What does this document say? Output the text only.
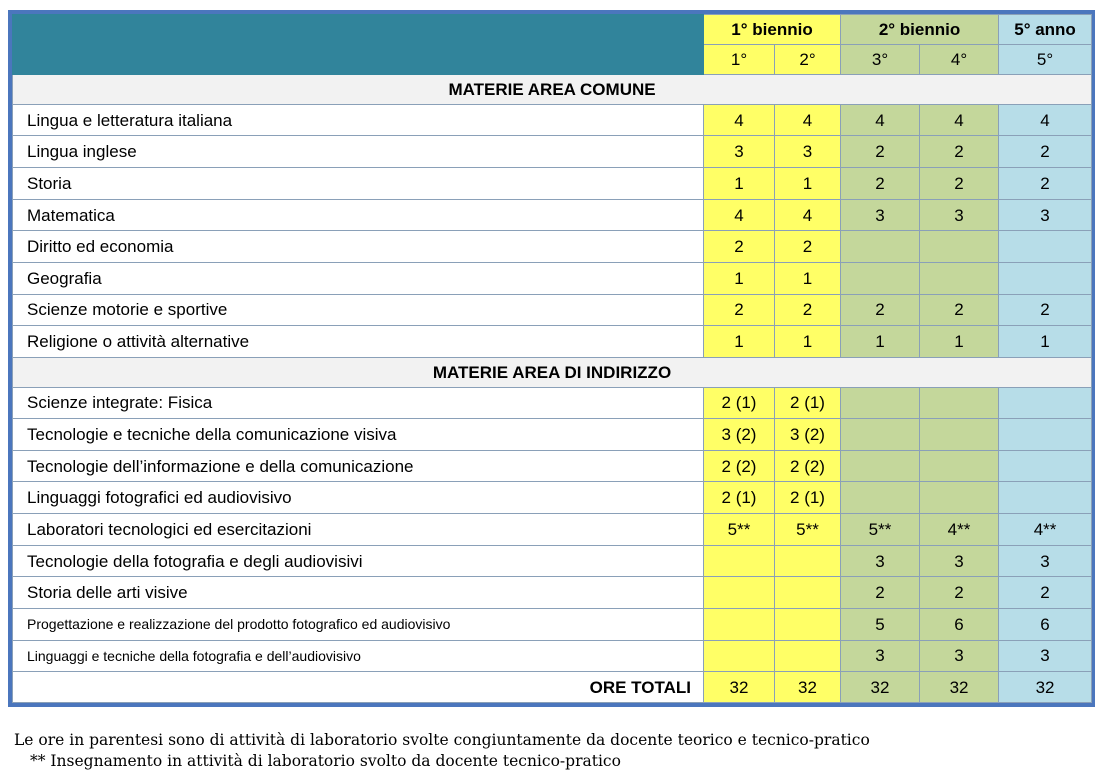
	1° biennio		2° biennio		5° anno
	1°	2°	3°	4°	5°
MATERIE AREA COMUNE					
Lingua e letteratura italiana	4	4	4	4	4
Lingua inglese	3	3	2	2	2
Storia	1	1	2	2	2
Matematica	4	4	3	3	3
Diritto ed economia	2	2			
Geografia	1	1			
Scienze motorie e sportive	2	2	2	2	2
Religione o attività alternative	1	1	1	1	1
MATERIE AREA DI INDIRIZZO					
Scienze integrate: Fisica	2 (1)	2 (1)			
Tecnologie e tecniche della comunicazione visiva	3 (2)	3 (2)			
Tecnologie dell’informazione e della comunicazione	2 (2)	2 (2)			
Linguaggi fotografici ed audiovisivo	2 (1)	2 (1)			
Laboratori tecnologici ed esercitazioni	5**	5**	5**	4**	4**
Tecnologie della fotografia e degli audiovisivi			3	3	3
Storia delle arti visive			2	2	2
Progettazione e realizzazione del prodotto fotografico ed audiovisivo			5	6	6
Linguaggi e tecniche della fotografia e dell’audiovisivo			3	3	3
ORE TOTALI	32	32	32	32	32
Le ore in parentesi sono di attività di laboratorio svolte congiuntamente da docente teorico e tecnico-pratico
** Insegnamento in attività di laboratorio svolto da docente tecnico-pratico
